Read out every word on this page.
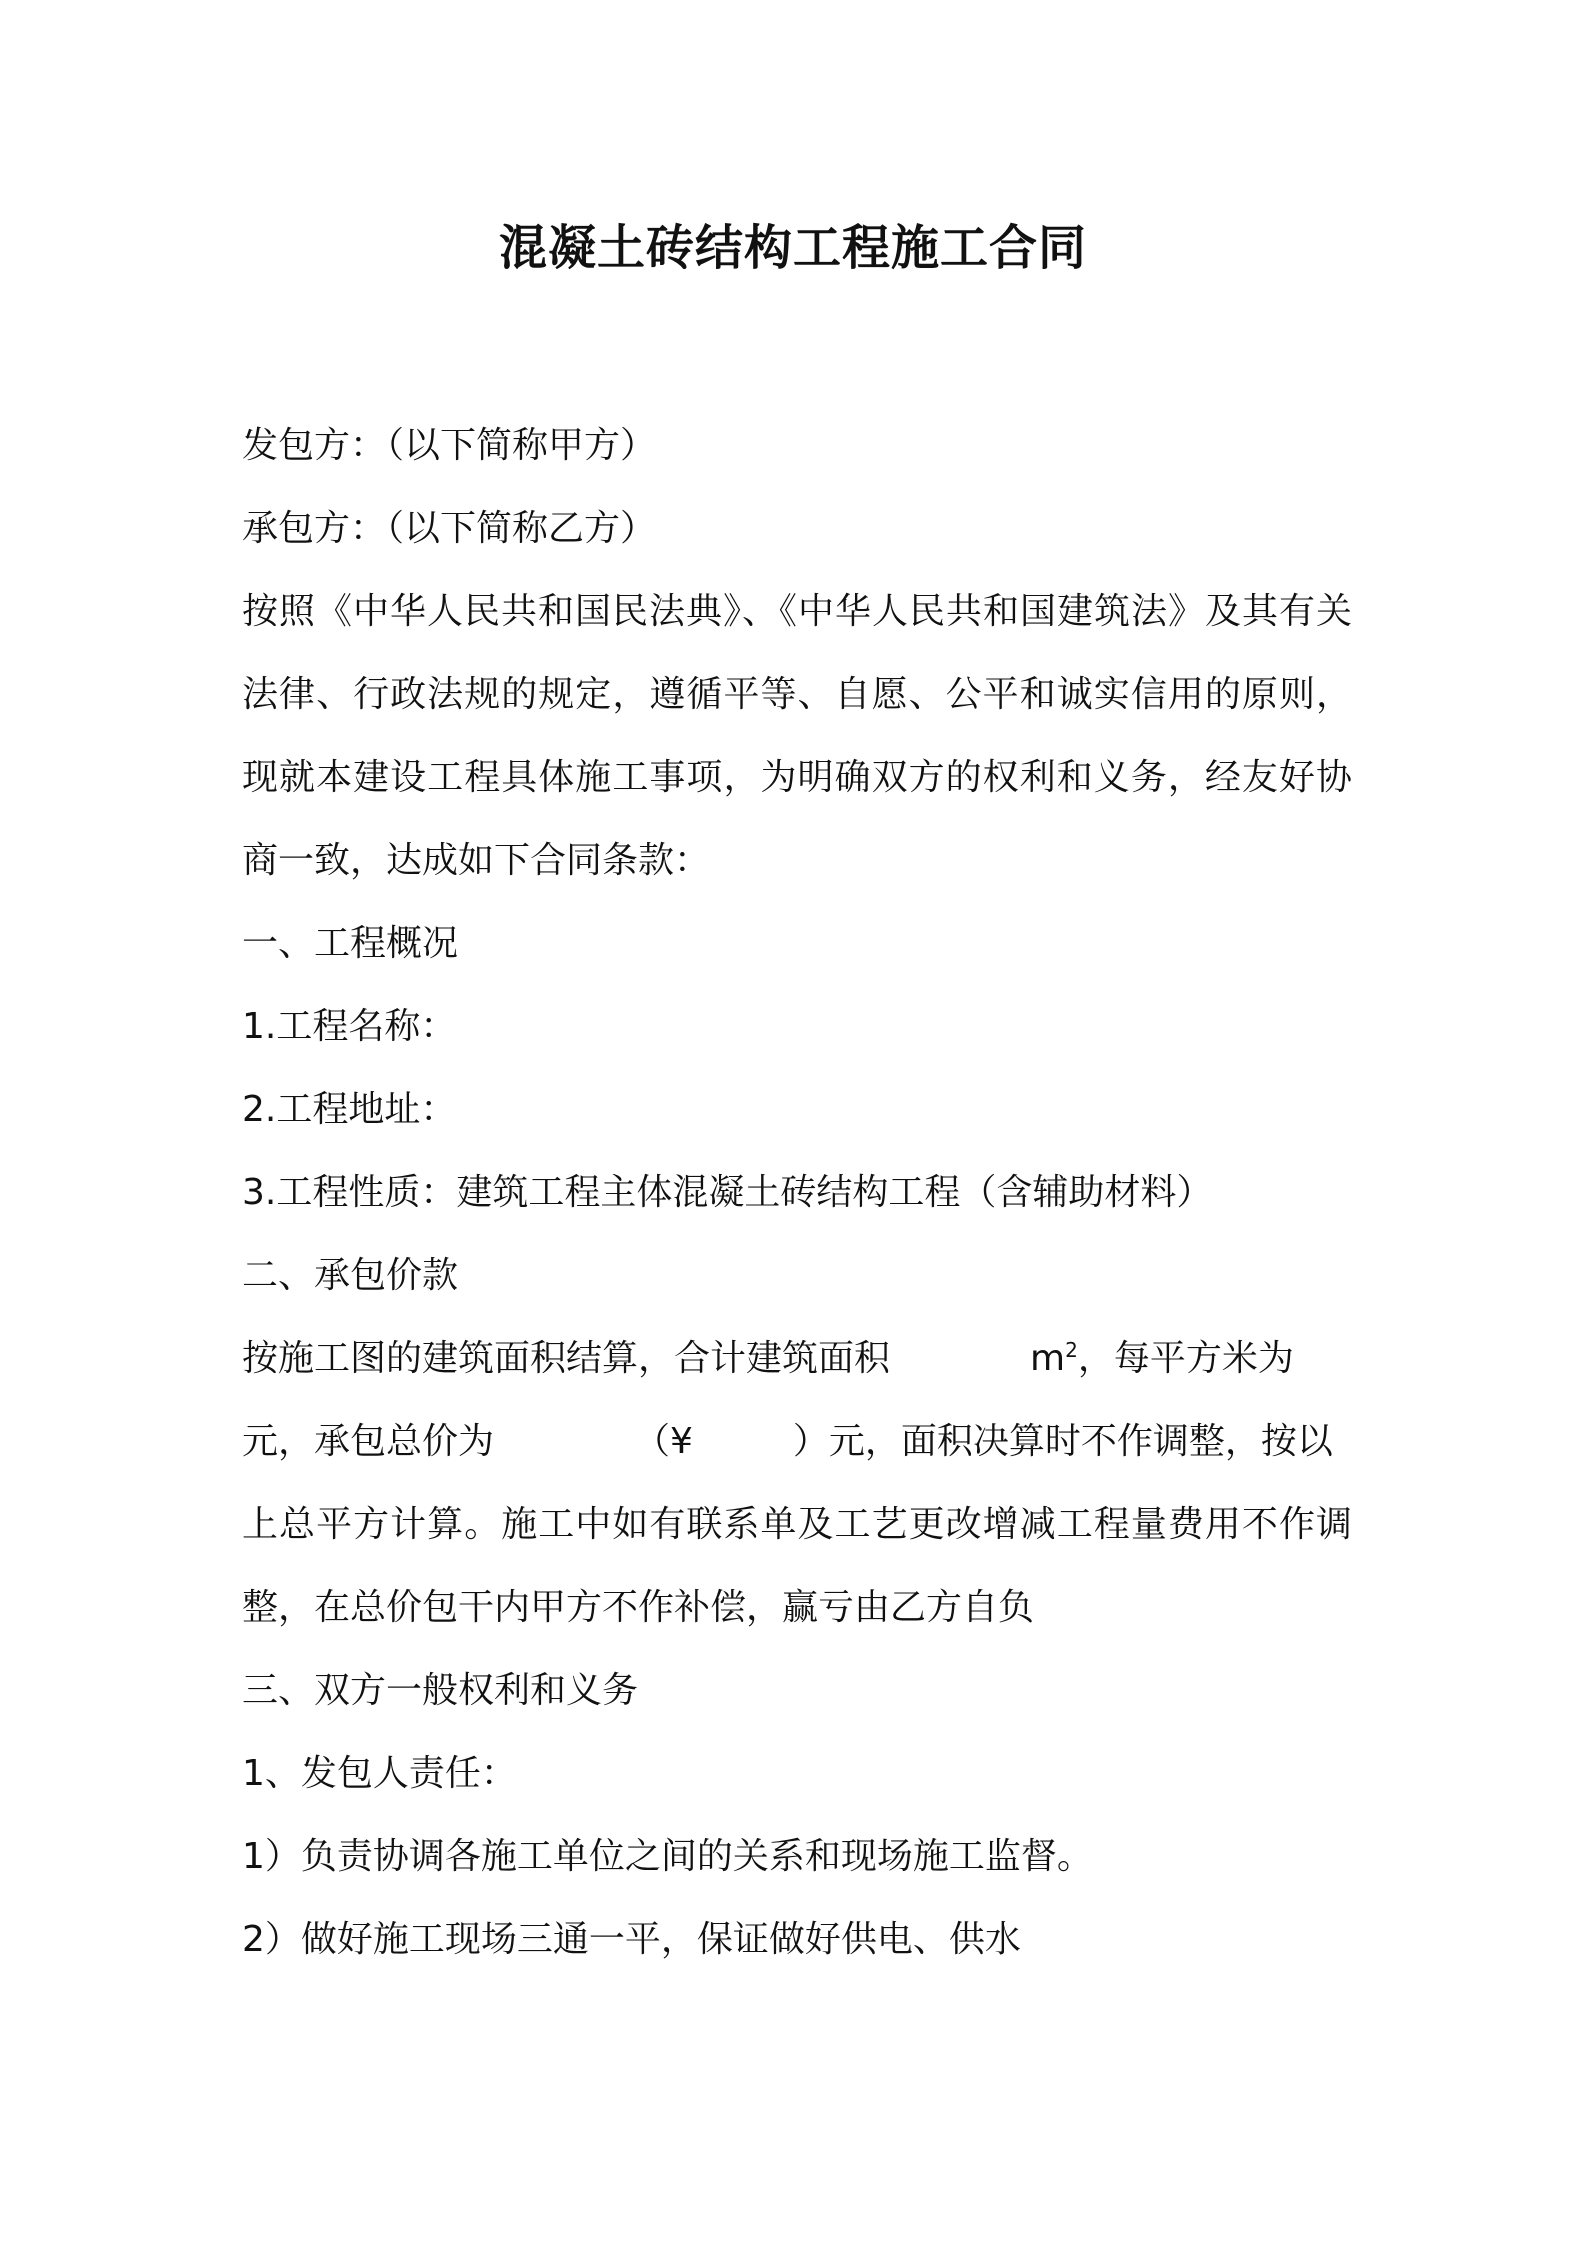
混凝土砖结构工程施工合同
发包方：（以下简称甲方）
承包方：（以下简称乙方）
按照《中华人民共和国民法典》、《中华人民共和国建筑法》及其有关
法律、行政法规的规定，遵循平等、自愿、公平和诚实信用的原则，
现就本建设工程具体施工事项，为明确双方的权利和义务，经友好协
商一致，达成如下合同条款：
一、工程概况
1.工程名称：
2.工程地址：
3.工程性质：建筑工程主体混凝土砖结构工程（含辅助材料）
二、承包价款
按施工图的建筑面积结算，合计建筑面积	$m^2$，每平方米为
元，承包总价为	（¥	）元，面积决算时不作调整，按以
上总平方计算。施工中如有联系单及工艺更改增减工程量费用不作调
整，在总价包干内甲方不作补偿，赢亏由乙方自负
三、双方一般权利和义务
1、发包人责任：
1）负责协调各施工单位之间的关系和现场施工监督。
2）做好施工现场三通一平，保证做好供电、供水
